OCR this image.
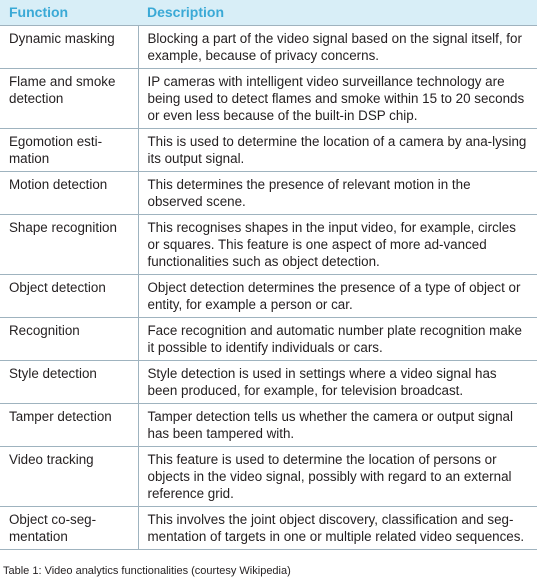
Function	Description
Dynamic masking	Blocking a part of the video signal based on the signal itself, for example, because of privacy concerns.
Flame and smoke detection	IP cameras with intelligent video surveillance technology are being used to detect flames and smoke within 15 to 20 seconds or even less because of the built-in DSP chip.
Egomotion esti-mation	This is used to determine the location of a camera by ana-lysing its output signal.
Motion detection	This determines the presence of relevant motion in the observed scene.
Shape recognition	This recognises shapes in the input video, for example, circles or squares. This feature is one aspect of more ad-vanced functionalities such as object detection.
Object detection	Object detection determines the presence of a type of object or entity, for example a person or car.
Recognition	Face recognition and automatic number plate recognition make it possible to identify individuals or cars.
Style detection	Style detection is used in settings where a video signal has been produced, for example, for television broadcast.
Tamper detection	Tamper detection tells us whether the camera or output signal has been tampered with.
Video tracking	This feature is used to determine the location of persons or objects in the video signal, possibly with regard to an external reference grid.
Object co-seg-mentation	This involves the joint object discovery, classification and seg-mentation of targets in one or multiple related video sequences.
Table 1: Video analytics functionalities (courtesy Wikipedia)
